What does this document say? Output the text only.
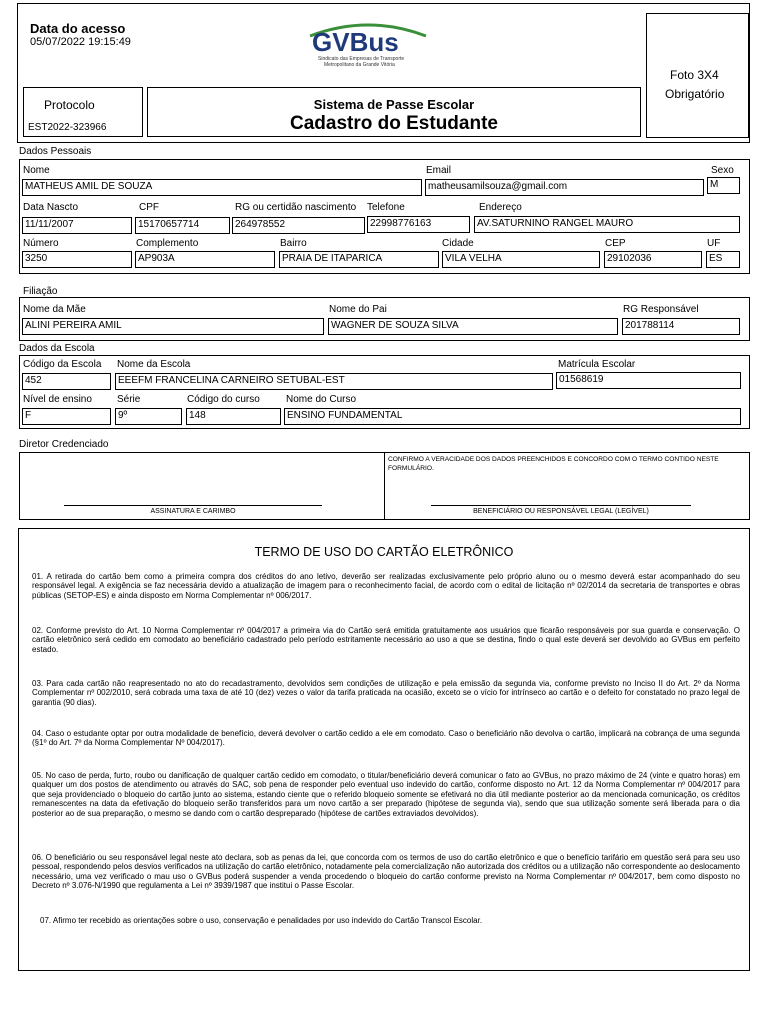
Data do acesso
05/07/2022 19:15:49	GVBus
Sindicato das Empresas de Transporte
Metropolitano da Grande Vitória
Foto 3X4
Obrigatório
Protocolo
EST2022-323966
Sistema de Passe Escolar
Cadastro do Estudante
Dados Pessoais
Nome
MATHEUS AMIL DE SOUZA
Email
matheusamilsouza@gmail.com
Sexo
M
Data Nascto
11/11/2007
CPF
15170657714
RG ou certidão nascimento
264978552
Telefone
22998776163
Endereço
AV.SATURNINO RANGEL MAURO
Número
3250
Complemento
AP903A
Bairro
PRAIA DE ITAPARICA
Cidade
VILA VELHA
CEP
29102036
UF
ES
Filiação
Nome da Mãe
ALINI PEREIRA AMIL
Nome do Pai
WAGNER DE SOUZA SILVA
RG Responsável
201788114
Dados da Escola
Código da Escola
452
Nome da Escola
EEEFM FRANCELINA CARNEIRO SETUBAL-EST
Matrícula Escolar
01568619
Nível de ensino
F
Série
9º
Código do curso
148
Nome do Curso
ENSINO FUNDAMENTAL
Diretor Credenciado
CONFIRMO A VERACIDADE DOS DADOS PREENCHIDOS E CONCORDO COM O TERMO CONTIDO NESTE FORMULÁRIO.
ASSINATURA E CARIMBO	BENEFICIÁRIO OU RESPONSÁVEL LEGAL (LEGÍVEL)
TERMO DE USO DO CARTÃO ELETRÔNICO

01. A retirada do cartão bem como a primeira compra dos créditos do ano letivo, deverão ser realizadas exclusivamente pelo próprio aluno ou o mesmo deverá estar acompanhado do seu responsável legal. A exigência se faz necessária devido a atualização de imagem para o reconhecimento facial, de acordo com o edital de licitação nº 02/2014 da secretaria de transportes e obras públicas (SETOP-ES) e ainda disposto em Norma Complementar nº 006/2017.

02. Conforme previsto do Art. 10 Norma Complementar nº 004/2017 a primeira via do Cartão será emitida gratuitamente aos usuários que ficarão responsáveis por sua guarda e conservação. O cartão eletrônico será cedido em comodato ao beneficiário cadastrado pelo período estritamente necessário ao uso a que se destina, findo o qual este deverá ser devolvido ao GVBus em perfeito estado.

03. Para cada cartão não reapresentado no ato do recadastramento, devolvidos sem condições de utilização e pela emissão da segunda via, conforme previsto no Inciso II do Art. 2º da Norma Complementar nº 002/2010, será cobrada uma taxa de até 10 (dez) vezes o valor da tarifa praticada na ocasião, exceto se o vício for intrínseco ao cartão e o defeito for constatado no prazo legal de garantia (90 dias).

04. Caso o estudante optar por outra modalidade de benefício, deverá devolver o cartão cedido a ele em comodato. Caso o beneficiário não devolva o cartão, implicará na cobrança de uma segunda (§1º do Art. 7º da Norma Complementar Nº 004/2017).

05. No caso de perda, furto, roubo ou danificação de qualquer cartão cedido em comodato, o titular/beneficiário deverá comunicar o fato ao GVBus, no prazo máximo de 24 (vinte e quatro horas) em qualquer um dos postos de atendimento ou através do SAC, sob pena de responder pelo eventual uso indevido do cartão, conforme disposto no Art. 12 da Norma Complementar nº 004/2017 para que seja providenciado o bloqueio do cartão junto ao sistema, estando ciente que o referido bloqueio somente se efetivará no dia útil mediante posterior ao da mencionada comunicação, os créditos remanescentes na data da efetivação do bloqueio serão transferidos para um novo cartão a ser preparado (hipótese de segunda via), sendo que sua utilização somente será liberada para o dia posterior ao de sua preparação, o mesmo se dando com o cartão despreparado (hipótese de cartões extraviados devolvidos).

06. O beneficiário ou seu responsável legal neste ato declara, sob as penas da lei, que concorda com os termos de uso do cartão eletrônico e que o benefício tarifário em questão será para seu uso pessoal, respondendo pelos desvios verificados na utilização do cartão eletrônico, notadamente pela comercialização não autorizada dos créditos ou a utilização não correspondente ao deslocamento necessário, uma vez verificado o mau uso o GVBus poderá suspender a venda procedendo o bloqueio do cartão conforme previsto na Norma Complementar nº 004/2017, bem como disposto no Decreto nº 3.076-N/1990 que regulamenta a Lei nº 3939/1987 que institui o Passe Escolar.

07. Afirmo ter recebido as orientações sobre o uso, conservação e penalidades por uso indevido do Cartão Transcol Escolar.
